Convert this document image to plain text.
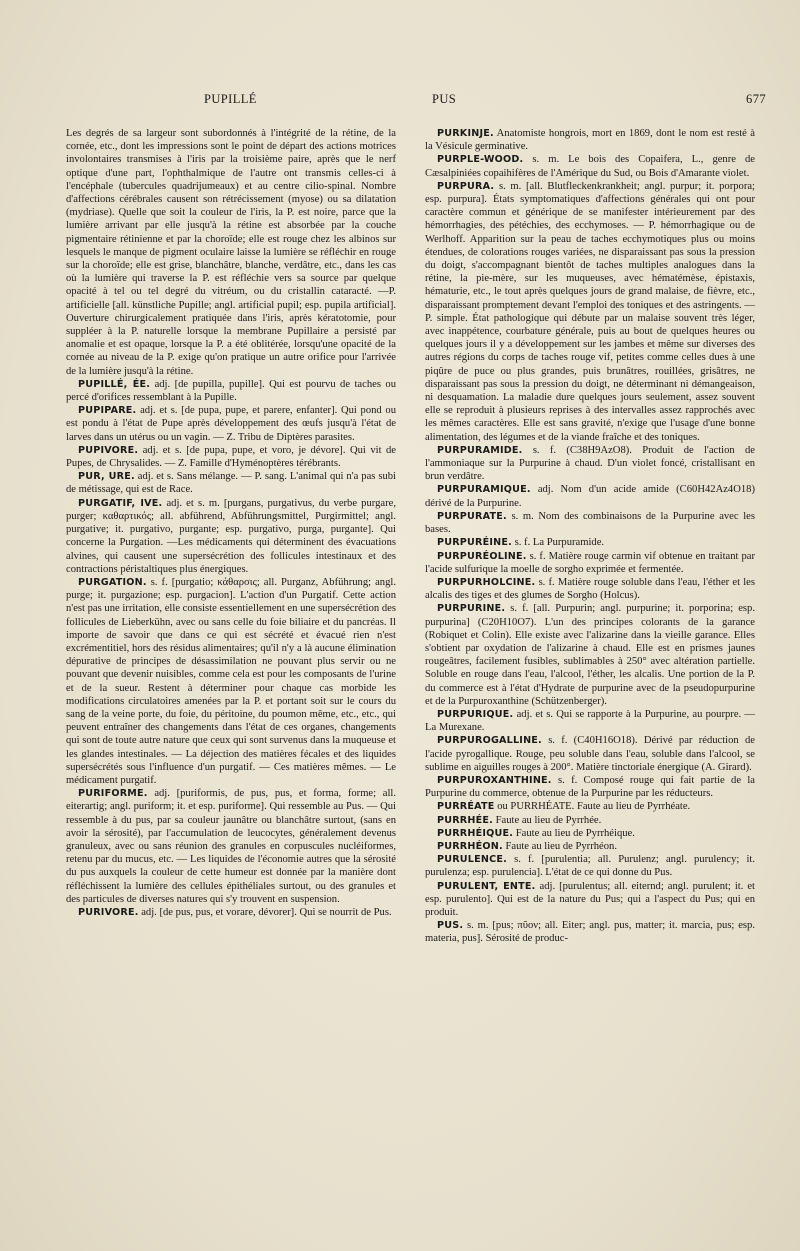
PUPILLÉ	PUS	677

Les degrés de sa largeur sont subordonnés à l'intégrité de la rétine, de la cornée, etc., dont les impressions sont le point de départ des actions motrices involontaires transmises à l'iris par la troisième paire, après que le nerf optique d'une part, l'ophthalmique de l'autre ont transmis celles-ci à l'encéphale (tubercules quadrijumeaux) et au centre cilio-spinal. Nombre d'affections cérébrales causent son rétrécissement (myose) ou sa dilatation (mydriase). Quelle que soit la couleur de l'iris, la P. est noire, parce que la lumière arrivant par elle jusqu'à la rétine est absorbée par la couche pigmentaire rétinienne et par la choroïde; elle est rouge chez les albinos sur lesquels le manque de pigment oculaire laisse la lumière se réfléchir en rouge sur la choroïde; elle est grise, blanchâtre, blanche, verdâtre, etc., dans les cas où la lumière qui traverse la P. est réfléchie vers sa source par quelque opacité à tel ou tel degré du vitréum, ou du cristallin cataracté. —P. artificielle [all. künstliche Pupille; angl. artificial pupil; esp. pupila artificial]. Ouverture chirurgicalement pratiquée dans l'iris, après kératotomie, pour suppléer à la P. naturelle lorsque la membrane Pupillaire a persisté par anomalie et est opaque, lorsque la P. a été oblitérée, lorsqu'une opacité de la cornée au niveau de la P. exige qu'on pratique un autre orifice pour l'arrivée de la lumière jusqu'à la rétine.

PUPILLÉ, ÉE. adj. [de pupilla, pupille]. Qui est pourvu de taches ou percé d'orifices ressemblant à la Pupille.

PUPIPARE. adj. et s. [de pupa, pupe, et parere, enfanter]. Qui pond ou est pondu à l'état de Pupe après développement des œufs jusqu'à l'état de larves dans un utérus ou un vagin. — Z. Tribu de Diptères parasites.

PUPIVORE. adj. et s. [de pupa, pupe, et voro, je dévore]. Qui vit de Pupes, de Chrysalides. — Z. Famille d'Hyménoptères térébrants.

PUR, URE. adj. et s. Sans mélange. — P. sang. L'animal qui n'a pas subi de métissage, qui est de Race.

PURGATIF, IVE. adj. et s. m. [purgans, purgativus, du verbe purgare, purger; καθαρτικός; all. abführend, Abführungsmittel, Purgirmittel; angl. purgative; it. purgativo, purgante; esp. purgativo, purga, purgante]. Qui concerne la Purgation. —Les médicaments qui déterminent des évacuations alvines, qui causent une supersécrétion des follicules intestinaux et des contractions péristaltiques plus énergiques.

PURGATION. s. f. [purgatio; κάθαρσις; all. Purganz, Abführung; angl. purge; it. purgazione; esp. purgacion]. L'action d'un Purgatif. Cette action n'est pas une irritation, elle consiste essentiellement en une supersécrétion des follicules de Lieberkühn, avec ou sans celle du foie biliaire et du pancréas. Il importe de savoir que dans ce qui est sécrété et évacué rien n'est excrémentitiel, hors des résidus alimentaires; qu'il n'y a là aucune élimination dépurative de principes de désassimilation ne pouvant plus servir ou ne pouvant que devenir nuisibles, comme cela est pour les composants de l'urine et de la sueur. Restent à déterminer pour chaque cas morbide les modifications circulatoires amenées par la P. et portant soit sur le cours du sang de la veine porte, du foie, du péritoine, du poumon même, etc., etc., qui peuvent entraîner des changements dans l'état de ces organes, changements qui sont de toute autre nature que ceux qui sont survenus dans la muqueuse et les glandes intestinales. — La déjection des matières fécales et des liquides supersécrétés sous l'influence d'un purgatif. — Ces matières mêmes. — Le médicament purgatif.

PURIFORME. adj. [puriformis, de pus, pus, et forma, forme; all. eiterartig; angl. puriform; it. et esp. puriforme]. Qui ressemble au Pus. — Qui ressemble à du pus, par sa couleur jaunâtre ou blanchâtre surtout, (sans en avoir la sérosité), par l'accumulation de leucocytes, généralement devenus granuleux, avec ou sans réunion des granules en corpuscules nucléiformes, retenu par du mucus, etc. — Les liquides de l'économie autres que la sérosité du pus auxquels la couleur de cette humeur est donnée par la manière dont réfléchissent la lumière des cellules épithéliales surtout, ou des granules et des particules de diverses natures qui s'y trouvent en suspension.

PURIVORE. adj. [de pus, pus, et vorare, dévorer]. Qui se nourrit de Pus.

PURKINJE. Anatomiste hongrois, mort en 1869, dont le nom est resté à la Vésicule germinative.

PURPLE-WOOD. s. m. Le bois des Copaifera, L., genre de Cæsalpiniées copaihifères de l'Amérique du Sud, ou Bois d'Amarante violet.

PURPURA. s. m. [all. Blutfleckenkrankheit; angl. purpur; it. porpora; esp. purpura]. États symptomatiques d'affections générales qui ont pour caractère commun et générique de se manifester intérieurement par des hémorrhagies, des pétéchies, des ecchymoses. — P. hémorrhagique ou de Werlhoff. Apparition sur la peau de taches ecchymotiques plus ou moins étendues, de colorations rouges variées, ne disparaissant pas sous la pression du doigt, s'accompagnant bientôt de taches multiples analogues dans la rétine, la pie-mère, sur les muqueuses, avec hématémèse, épistaxis, hématurie, etc., le tout après quelques jours de grand malaise, de fièvre, etc., disparaissant promptement devant l'emploi des toniques et des astringents. — P. simple. État pathologique qui débute par un malaise souvent très léger, avec inappétence, courbature générale, puis au bout de quelques heures ou quelques jours il y a développement sur les jambes et même sur diverses des autres régions du corps de taches rouge vif, petites comme celles dues à une piqûre de puce ou plus grandes, puis brunâtres, rouillées, grisâtres, ne disparaissant pas sous la pression du doigt, ne déterminant ni démangeaison, ni desquamation. La maladie dure quelques jours seulement, assez souvent elle se reproduit à plusieurs reprises à des intervalles assez rapprochés avec les mêmes caractères. Elle est sans gravité, n'exige que l'usage d'une bonne alimentation, des légumes et de la viande fraîche et des toniques.

PURPURAMIDE. s. f. (C38H9AzO8). Produit de l'action de l'ammoniaque sur la Purpurine à chaud. D'un violet foncé, cristallisant en brun verdâtre.

PURPURAMIQUE. adj. Nom d'un acide amide (C60H42Az4O18) dérivé de la Purpurine.

PURPURATE. s. m. Nom des combinaisons de la Purpurine avec les bases.

PURPURÉINE. s. f. La Purpuramide.

PURPURÉOLINE. s. f. Matière rouge carmin vif obtenue en traitant par l'acide sulfurique la moelle de sorgho exprimée et fermentée.

PURPURHOLCINE. s. f. Matière rouge soluble dans l'eau, l'éther et les alcalis des tiges et des glumes de Sorgho (Holcus).

PURPURINE. s. f. [all. Purpurin; angl. purpurine; it. porporina; esp. purpurina] (C20H10O7). L'un des principes colorants de la garance (Robiquet et Colin). Elle existe avec l'alizarine dans la vieille garance. Elles s'obtient par oxydation de l'alizarine à chaud. Elle est en prismes jaunes rougeâtres, facilement fusibles, sublimables à 250° avec altération partielle. Soluble en rouge dans l'eau, l'alcool, l'éther, les alcalis. Une portion de la P. du commerce est à l'état d'Hydrate de purpurine avec de la pseudopurpurine et de la Purpuroxanthine (Schützenberger).

PURPURIQUE. adj. et s. Qui se rapporte à la Purpurine, au pourpre. — La Murexane.

PURPUROGALLINE. s. f. (C40H16O18). Dérivé par réduction de l'acide pyrogallique. Rouge, peu soluble dans l'eau, soluble dans l'alcool, se sublime en aiguilles rouges à 200°. Matière tinctoriale énergique (A. Girard).

PURPUROXANTHINE. s. f. Composé rouge qui fait partie de la Purpurine du commerce, obtenue de la Purpurine par les réducteurs.

PURRÉATE ou PURRHÉATE. Faute au lieu de Pyrrhéate.

PURRHÉE. Faute au lieu de Pyrrhée.

PURRHÉIQUE. Faute au lieu de Pyrrhéique.

PURRHÉON. Faute au lieu de Pyrrhéon.

PURULENCE. s. f. [purulentia; all. Purulenz; angl. purulency; it. purulenza; esp. purulencia]. L'état de ce qui donne du Pus.

PURULENT, ENTE. adj. [purulentus; all. eiternd; angl. purulent; it. et esp. purulento]. Qui est de la nature du Pus; qui a l'aspect du Pus; qui en produit.

PUS. s. m. [pus; πῦον; all. Eiter; angl. pus, matter; it. marcia, pus; esp. materia, pus]. Sérosité de produc-
